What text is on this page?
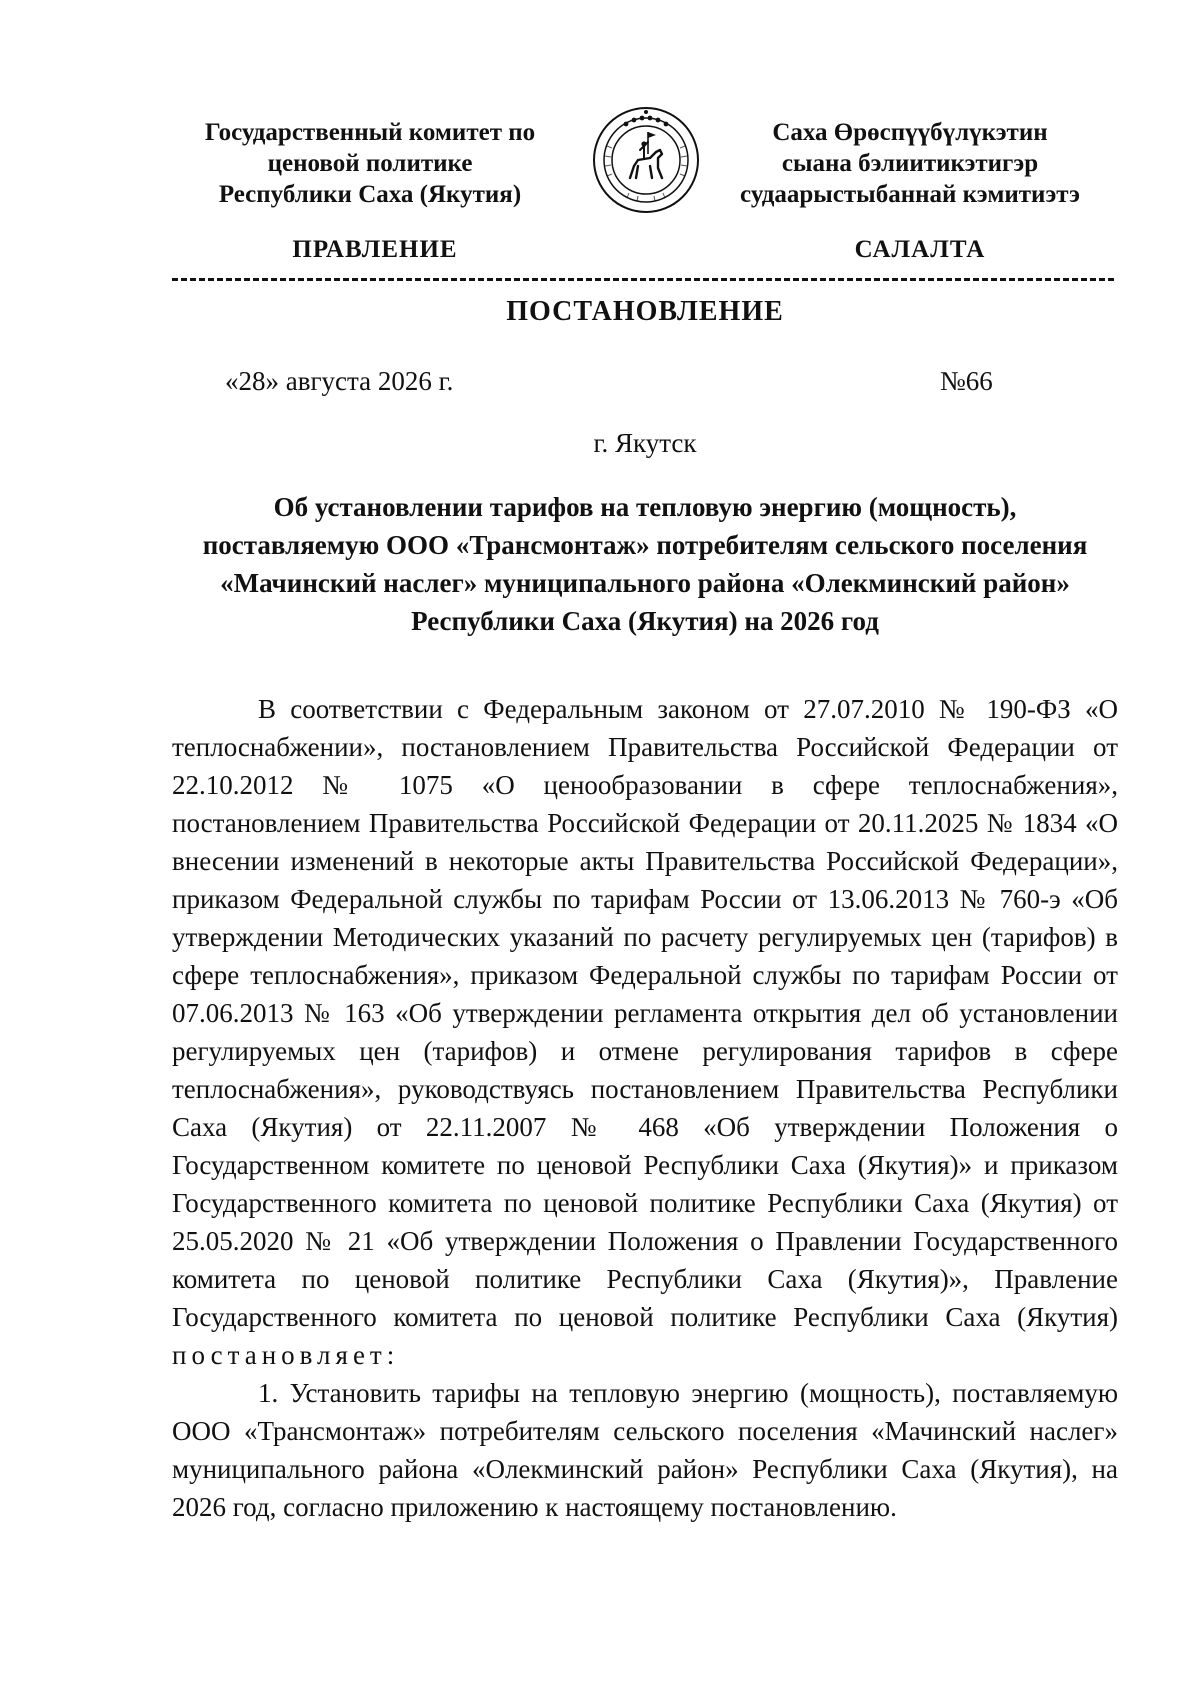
Государственный комитет по
ценовой политике
Республики Саха (Якутия)
Саха Өрөспүүбүлүкэтин
сыана бэлиитикэтигэр
судаарыстыбаннай кэмитиэтэ
ПРАВЛЕНИЕ	САЛАЛТА
ПОСТАНОВЛЕНИЕ
«28» августа 2026 г.	№66
г. Якутск
Об установлении тарифов на тепловую энергию (мощность),
поставляемую ООО «Трансмонтаж» потребителям сельского поселения
«Мачинский наслег» муниципального района «Олекминский район»
Республики Саха (Якутия) на 2026 год

В соответствии с Федеральным законом от 27.07.2010 № 190-ФЗ «О теплоснабжении», постановлением Правительства Российской Федерации от 22.10.2012 № 1075 «О ценообразовании в сфере теплоснабжения», постановлением Правительства Российской Федерации от 20.11.2025 № 1834 «О внесении изменений в некоторые акты Правительства Российской Федерации», приказом Федеральной службы по тарифам России от 13.06.2013 № 760-э «Об утверждении Методических указаний по расчету регулируемых цен (тарифов) в сфере теплоснабжения», приказом Федеральной службы по тарифам России от 07.06.2013 № 163 «Об утверждении регламента открытия дел об установлении регулируемых цен (тарифов) и отмене регулирования тарифов в сфере теплоснабжения», руководствуясь постановлением Правительства Республики Саха (Якутия) от 22.11.2007 № 468 «Об утверждении Положения о Государственном комитете по ценовой Республики Саха (Якутия)» и приказом Государственного комитета по ценовой политике Республики Саха (Якутия) от 25.05.2020 № 21 «Об утверждении Положения о Правлении Государственного комитета по ценовой политике Республики Саха (Якутия)», Правление Государственного комитета по ценовой политике Республики Саха (Якутия) постановляет:

1. Установить тарифы на тепловую энергию (мощность), поставляемую ООО «Трансмонтаж» потребителям сельского поселения «Мачинский наслег» муниципального района «Олекминский район» Республики Саха (Якутия), на 2026 год, согласно приложению к настоящему постановлению.
